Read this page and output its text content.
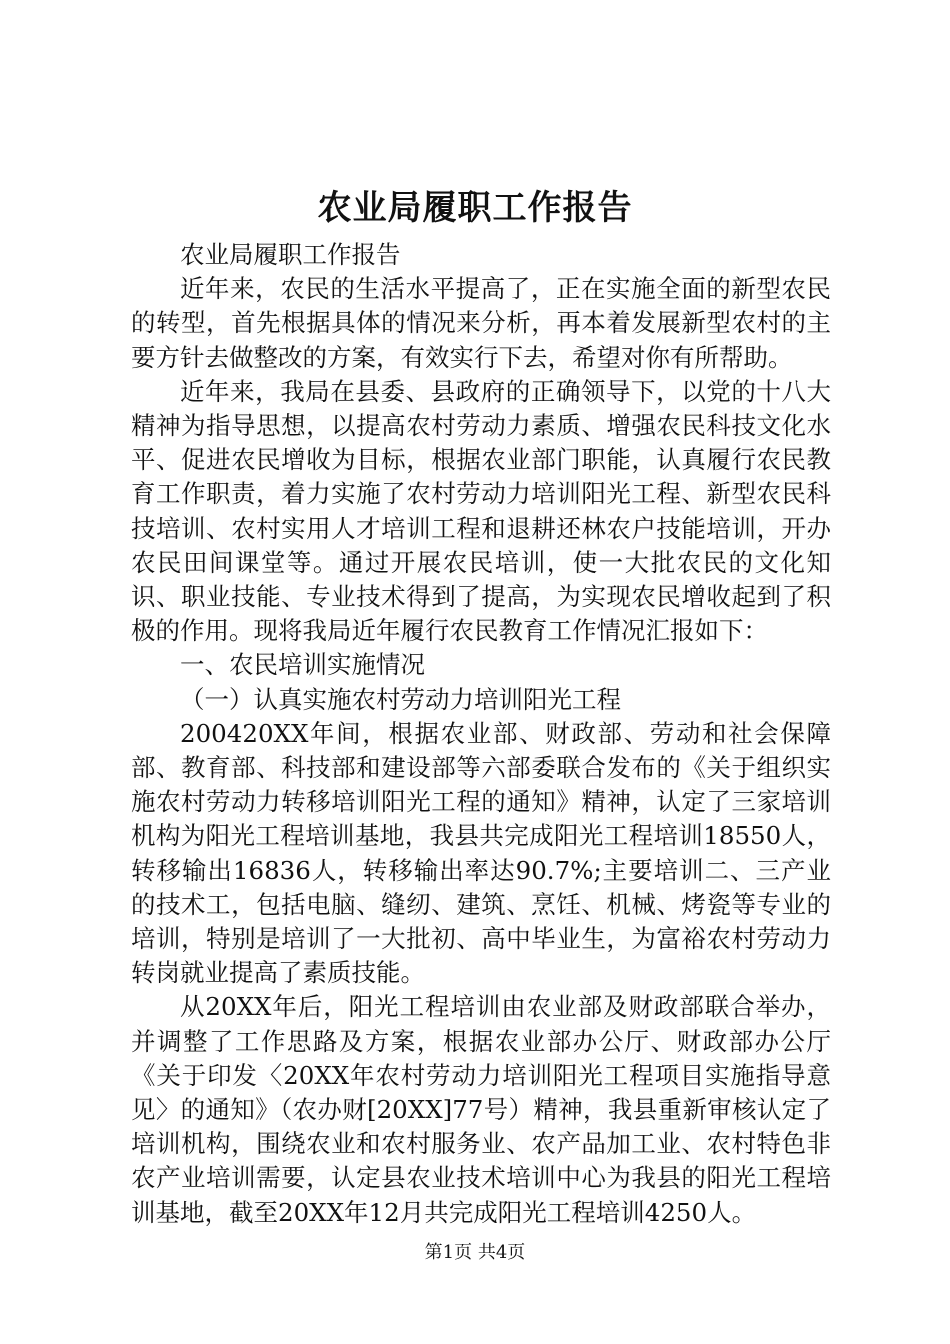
农业局履职工作报告

农业局履职工作报告

近年来，农民的生活水平提高了，正在实施全面的新型农民的转型，首先根据具体的情况来分析，再本着发展新型农村的主要方针去做整改的方案，有效实行下去，希望对你有所帮助。

近年来，我局在县委、县政府的正确领导下，以党的十八大精神为指导思想，以提高农村劳动力素质、增强农民科技文化水平、促进农民增收为目标，根据农业部门职能，认真履行农民教育工作职责，着力实施了农村劳动力培训阳光工程、新型农民科技培训、农村实用人才培训工程和退耕还林农户技能培训，开办农民田间课堂等。通过开展农民培训，使一大批农民的文化知识、职业技能、专业技术得到了提高，为实现农民增收起到了积极的作用。现将我局近年履行农民教育工作情况汇报如下：

一、农民培训实施情况

（一）认真实施农村劳动力培训阳光工程

200420XX年间，根据农业部、财政部、劳动和社会保障部、教育部、科技部和建设部等六部委联合发布的《关于组织实施农村劳动力转移培训阳光工程的通知》精神，认定了三家培训机构为阳光工程培训基地，我县共完成阳光工程培训18550人，转移输出16836人，转移输出率达90.7%;主要培训二、三产业的技术工，包括电脑、缝纫、建筑、烹饪、机械、烤瓷等专业的培训，特别是培训了一大批初、高中毕业生，为富裕农村劳动力转岗就业提高了素质技能。

从20XX年后，阳光工程培训由农业部及财政部联合举办，并调整了工作思路及方案，根据农业部办公厅、财政部办公厅《关于印发〈20XX年农村劳动力培训阳光工程项目实施指导意见〉的通知》（农办财[20XX]77号）精神，我县重新审核认定了培训机构，围绕农业和农村服务业、农产品加工业、农村特色非农产业培训需要，认定县农业技术培训中心为我县的阳光工程培训基地，截至20XX年12月共完成阳光工程培训4250人。

第1页 共4页
